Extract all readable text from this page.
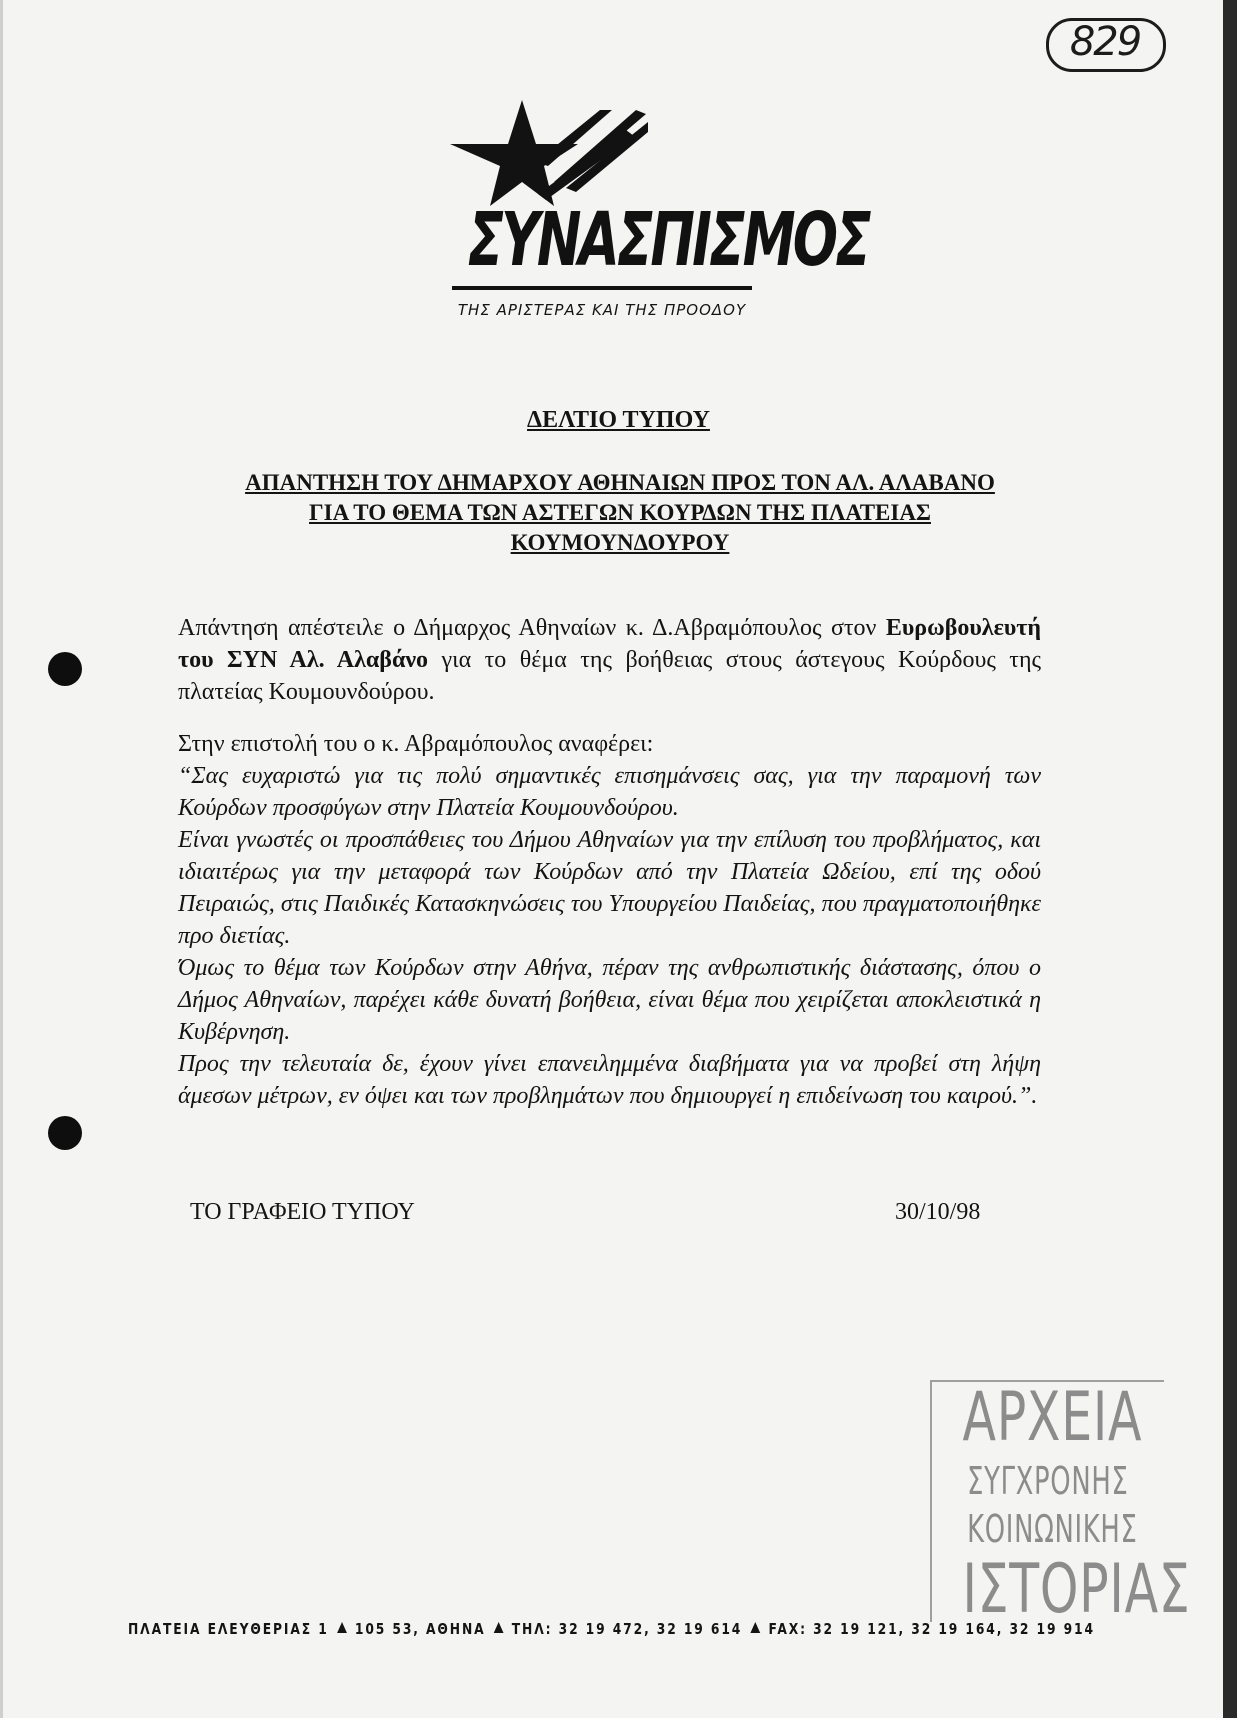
829
ΣΥΝΑΣΠΙΣΜΟΣ
ΤΗΣ ΑΡΙΣΤΕΡΑΣ ΚΑΙ ΤΗΣ ΠΡΟΟΔΟΥ
ΔΕΛΤΙΟ ΤΥΠΟΥ
ΑΠΑΝΤΗΣΗ ΤΟΥ ΔΗΜΑΡΧΟΥ ΑΘΗΝΑΙΩΝ ΠΡΟΣ ΤΟΝ ΑΛ. ΑΛΑΒΑΝΟ
ΓΙΑ ΤΟ ΘΕΜΑ ΤΩΝ ΑΣΤΕΓΩΝ ΚΟΥΡΔΩΝ ΤΗΣ ΠΛΑΤΕΙΑΣ
ΚΟΥΜΟΥΝΔΟΥΡΟΥ
Απάντηση απέστειλε ο Δήμαρχος Αθηναίων κ. Δ.Αβραμόπουλος στον Ευρωβουλευτή του ΣΥΝ Αλ. Αλαβάνο για το θέμα της βοήθειας στους άστεγους Κούρδους της πλατείας Κουμουνδούρου.
Στην επιστολή του ο κ. Αβραμόπουλος αναφέρει:

“Σας ευχαριστώ για τις πολύ σημαντικές επισημάνσεις σας, για την παραμονή των Κούρδων προσφύγων στην Πλατεία Κουμουνδούρου.

Είναι γνωστές οι προσπάθειες του Δήμου Αθηναίων για την επίλυση του προβλήματος, και ιδιαιτέρως για την μεταφορά των Κούρδων από την Πλατεία Ωδείου, επί της οδού Πειραιώς, στις Παιδικές Κατασκηνώσεις του Υπουργείου Παιδείας, που πραγματοποιήθηκε προ διετίας.

Όμως το θέμα των Κούρδων στην Αθήνα, πέραν της ανθρωπιστικής διάστασης, όπου ο Δήμος Αθηναίων, παρέχει κάθε δυνατή βοήθεια, είναι θέμα που χειρίζεται αποκλειστικά η Κυβέρνηση.

Προς την τελευταία δε, έχουν γίνει επανειλημμένα διαβήματα για να προβεί στη λήψη άμεσων μέτρων, εν όψει και των προβλημάτων που δημιουργεί η επιδείνωση του καιρού.”.

ΤΟ ΓΡΑΦΕΙΟ ΤΥΠΟΥ	30/10/98
ΑΡΧΕΙΑ
ΣΥΓΧΡΟΝΗΣ
ΚΟΙΝΩΝΙΚΗΣ
ΙΣΤΟΡΙΑΣ
ΠΛΑΤΕΙΑ ΕΛΕΥΘΕΡΙΑΣ 1 105 53, ΑΘΗΝΑ ΤΗΛ: 32 19 472, 32 19 614 FAX: 32 19 121, 32 19 164, 32 19 914
